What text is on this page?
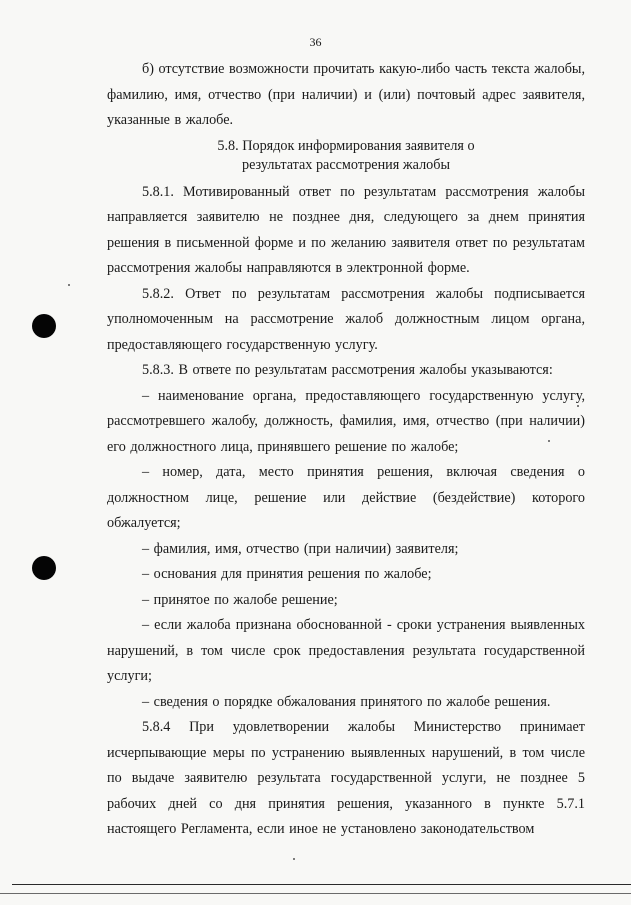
36

б) отсутствие возможности прочитать какую-либо часть текста жалобы, фамилию, имя, отчество (при наличии) и (или) почтовый адрес заявителя, указанные в жалобе.

5.8. Порядок информирования заявителя о
результатах рассмотрения жалобы

5.8.1. Мотивированный ответ по результатам рассмотрения жалобы направляется заявителю не позднее дня, следующего за днем принятия решения в письменной форме и по желанию заявителя ответ по результатам рассмотрения жалобы направляются в электронной форме.

5.8.2. Ответ по результатам рассмотрения жалобы подписывается уполномоченным на рассмотрение жалоб должностным лицом органа, предоставляющего государственную услугу.

5.8.3. В ответе по результатам рассмотрения жалобы указываются:

– наименование органа, предоставляющего государственную услугу, рассмотревшего жалобу, должность, фамилия, имя, отчество (при наличии) его должностного лица, принявшего решение по жалобе;

– номер, дата, место принятия решения, включая сведения о должностном лице, решение или действие (бездействие) которого обжалуется;

– фамилия, имя, отчество (при наличии) заявителя;

– основания для принятия решения по жалобе;

– принятое по жалобе решение;

– если жалоба признана обоснованной - сроки устранения выявленных нарушений, в том числе срок предоставления результата государственной услуги;

– сведения о порядке обжалования принятого по жалобе решения.

5.8.4 При удовлетворении жалобы Министерство принимает исчерпывающие меры по устранению выявленных нарушений, в том числе по выдаче заявителю результата государственной услуги, не позднее 5 рабочих дней со дня принятия решения, указанного в пункте 5.7.1 настоящего Регламента, если иное не установлено законодательством
